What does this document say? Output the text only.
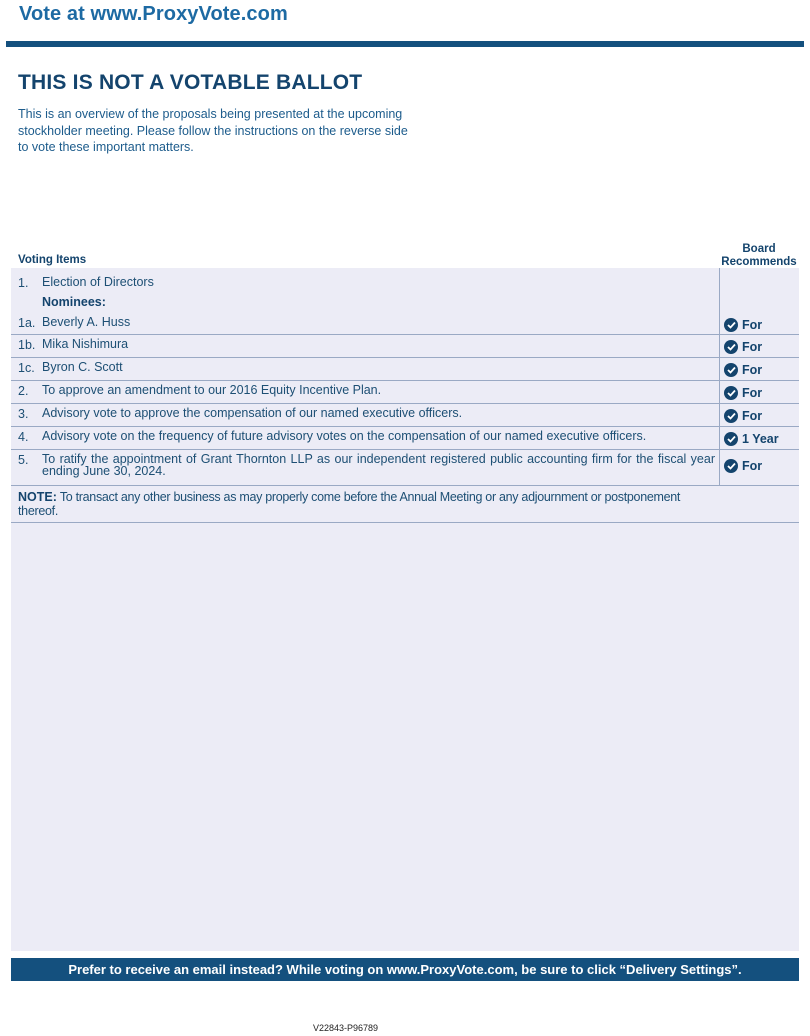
Vote at www.ProxyVote.com
THIS IS NOT A VOTABLE BALLOT
This is an overview of the proposals being presented at the upcoming stockholder meeting. Please follow the instructions on the reverse side to vote these important matters.
Voting Items
Board
Recommends
1. Election of Directors
Nominees:
1a. Beverly A. Huss	For
1b. Mika Nishimura	For
1c. Byron C. Scott	For
2. To approve an amendment to our 2016 Equity Incentive Plan.	For
3. Advisory vote to approve the compensation of our named executive officers.	For
4. Advisory vote on the frequency of future advisory votes on the compensation of our named executive officers.	1 Year
5. To ratify the appointment of Grant Thornton LLP as our independent registered public accounting firm for the fiscal year ending June 30, 2024.	For
NOTE: To transact any other business as may properly come before the Annual Meeting or any adjournment or postponement thereof.
Prefer to receive an email instead? While voting on www.ProxyVote.com, be sure to click “Delivery Settings”.
V22843-P96789
